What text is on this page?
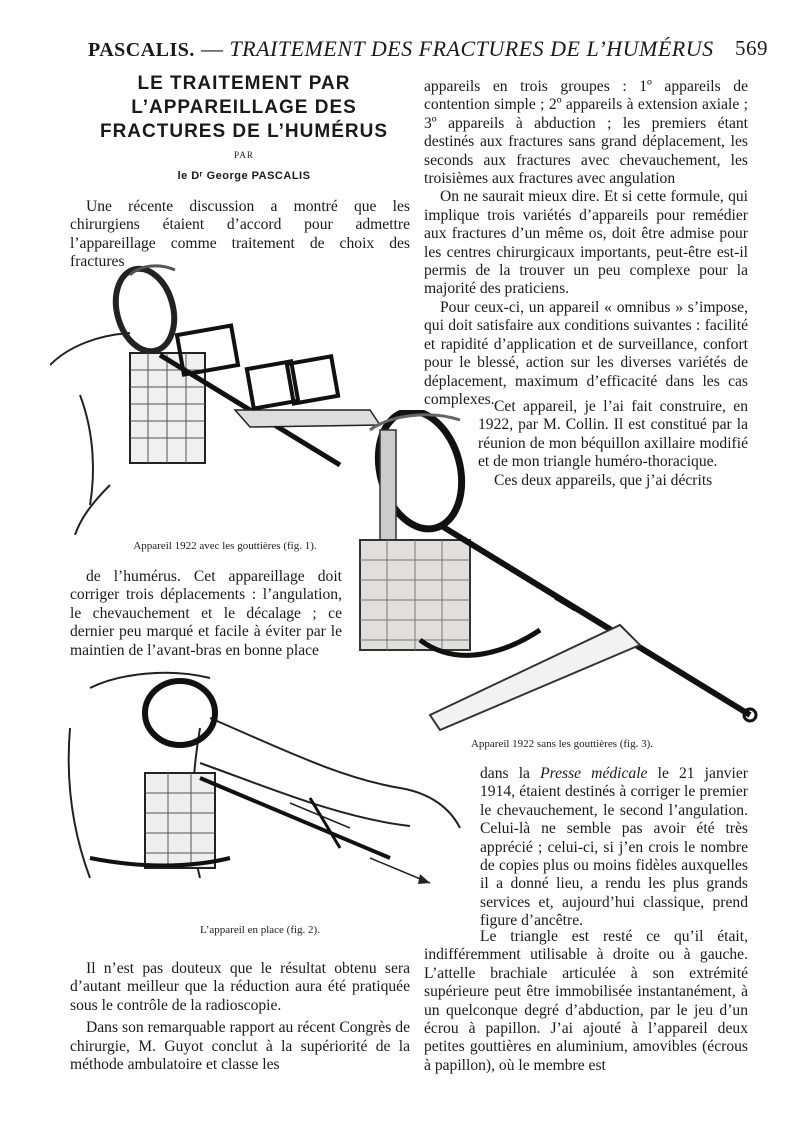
PASCALIS. — TRAITEMENT DES FRACTURES DE L’HUMÉRUS 569
LE TRAITEMENT PAR L’APPAREILLAGE DES FRACTURES DE L’HUMÉRUS
PAR
le Dʳ George PASCALIS

Une récente discussion a montré que les chirurgiens étaient d’accord pour admettre l’appareillage comme traitement de choix des fractures

Appareil 1922 avec les gouttières (fig. 1).

de l’humérus. Cet appareillage doit corriger trois déplacements : l’angulation, le chevauchement et le décalage ; ce dernier peu marqué et facile à éviter par le maintien de l’avant-bras en bonne place

L’appareil en place (fig. 2).

Il n’est pas douteux que le résultat obtenu sera d’autant meilleur que la réduction aura été pratiquée sous le contrôle de la radioscopie.

Dans son remarquable rapport au récent Congrès de chirurgie, M. Guyot conclut à la supériorité de la méthode ambulatoire et classe les

appareils en trois groupes : 1º appareils de contention simple ; 2º appareils à extension axiale ; 3º appareils à abduction ; les premiers étant destinés aux fractures sans grand déplacement, les seconds aux fractures avec chevauchement, les troisièmes aux fractures avec angulation

On ne saurait mieux dire. Et si cette formule, qui implique trois variétés d’appareils pour remédier aux fractures d’un même os, doit être admise pour les centres chirurgicaux importants, peut-être est-il permis de la trouver un peu complexe pour la majorité des praticiens.

Pour ceux-ci, un appareil « omnibus » s’impose, qui doit satisfaire aux conditions suivantes : facilité et rapidité d’application et de surveillance, confort pour le blessé, action sur les diverses variétés de déplacement, maximum d’efficacité dans les cas complexes. Cet appareil, je l’ai fait construire, en 1922, par M. Collin. Il est constitué par la réunion de mon béquillon axillaire modifié et de mon triangle huméro-thoracique.

Ces deux appareils, que j’ai décrits

Appareil 1922 sans les gouttières (fig. 3).

dans la Presse médicale le 21 janvier 1914, étaient destinés à corriger le premier le chevauchement, le second l’angulation. Celui-là ne semble pas avoir été très apprécié ; celui-ci, si j’en crois le nombre de copies plus ou moins fidèles auxquelles il a donné lieu, a rendu les plus grands services et, aujourd’hui classique, prend figure d’ancêtre.

Le triangle est resté ce qu’il était, indifféremment utilisable à droite ou à gauche. L’attelle brachiale articulée à son extrémité supérieure peut être immobilisée instantanément, à un quelconque degré d’abduction, par le jeu d’un écrou à papillon. J’ai ajouté à l’appareil deux petites gouttières en aluminium, amovibles (écrous à papillon), où le membre est
